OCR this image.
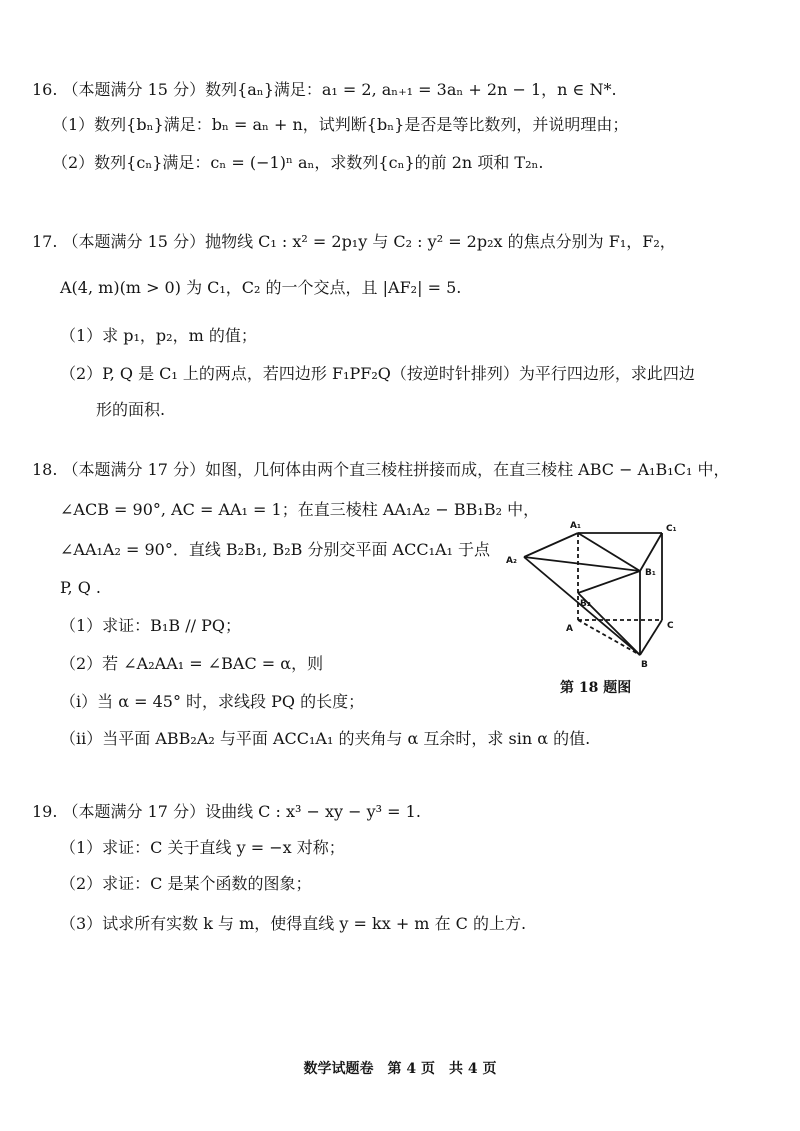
16. （本题满分 15 分）数列{aₙ}满足：a₁ = 2, aₙ₊₁ = 3aₙ + 2n − 1，n ∈ N*.
（1）数列{bₙ}满足：bₙ = aₙ + n，试判断{bₙ}是否是等比数列，并说明理由；
（2）数列{cₙ}满足：cₙ = (−1)ⁿ aₙ，求数列{cₙ}的前 2n 项和 T₂ₙ.
17. （本题满分 15 分）抛物线 C₁ : x² = 2p₁y 与 C₂ : y² = 2p₂x 的焦点分别为 F₁，F₂，
A(4, m)(m > 0) 为 C₁，C₂ 的一个交点，且 |AF₂| = 5.
（1）求 p₁，p₂，m 的值；
（2）P, Q 是 C₁ 上的两点，若四边形 F₁PF₂Q（按逆时针排列）为平行四边形，求此四边
形的面积.
18. （本题满分 17 分）如图，几何体由两个直三棱柱拼接而成，在直三棱柱 ABC − A₁B₁C₁ 中，
∠ACB = 90°, AC = AA₁ = 1；在直三棱柱 AA₁A₂ − BB₁B₂ 中，
∠AA₁A₂ = 90°．直线 B₂B₁, B₂B 分别交平面 ACC₁A₁ 于点
P, Q .
（1）求证：B₁B // PQ；
（2）若 ∠A₂AA₁ = ∠BAC = α，则
（i）当 α = 45° 时，求线段 PQ 的长度；
（ii）当平面 ABB₂A₂ 与平面 ACC₁A₁ 的夹角与 α 互余时，求 sin α 的值.
A₁	C₁
A₂
B₁
B₂
A	C
B
第 18 题图
19. （本题满分 17 分）设曲线 C : x³ − xy − y³ = 1.
（1）求证：C 关于直线 y = −x 对称；
（2）求证：C 是某个函数的图象；
（3）试求所有实数 k 与 m，使得直线 y = kx + m 在 C 的上方.
数学试题卷　第 4 页　共 4 页
